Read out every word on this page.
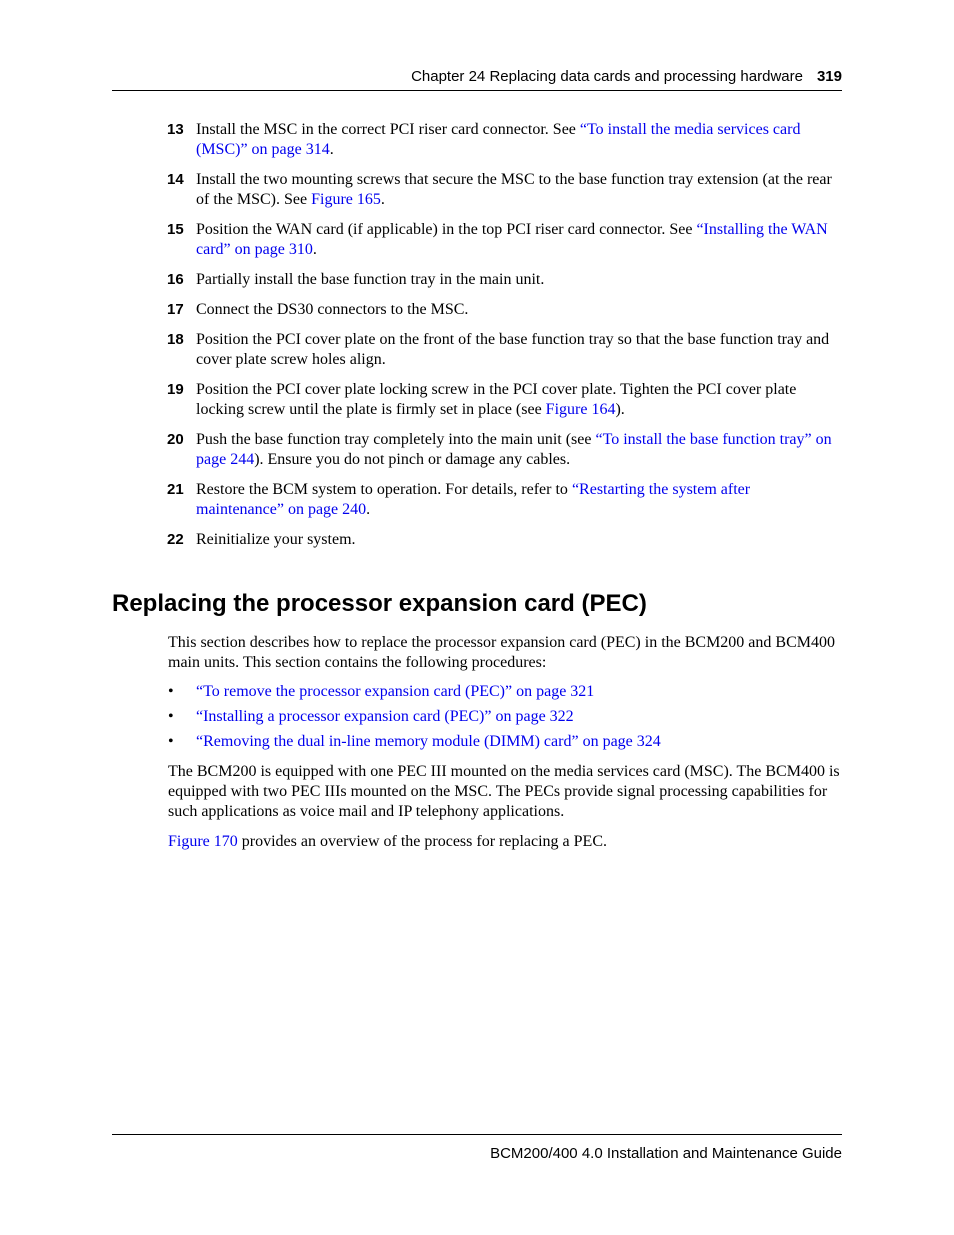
Chapter 24 Replacing data cards and processing hardware 319
13 Install the MSC in the correct PCI riser card connector. See “To install the media services card (MSC)” on page 314.
14 Install the two mounting screws that secure the MSC to the base function tray extension (at the rear of the MSC). See Figure 165.
15 Position the WAN card (if applicable) in the top PCI riser card connector. See “Installing the WAN card” on page 310.
16 Partially install the base function tray in the main unit.
17 Connect the DS30 connectors to the MSC.
18 Position the PCI cover plate on the front of the base function tray so that the base function tray and cover plate screw holes align.
19 Position the PCI cover plate locking screw in the PCI cover plate. Tighten the PCI cover plate locking screw until the plate is firmly set in place (see Figure 164).
20 Push the base function tray completely into the main unit (see “To install the base function tray” on page 244). Ensure you do not pinch or damage any cables.
21 Restore the BCM system to operation. For details, refer to “Restarting the system after maintenance” on page 240.
22 Reinitialize your system.
Replacing the processor expansion card (PEC)

This section describes how to replace the processor expansion card (PEC) in the BCM200 and BCM400 main units. This section contains the following procedures:

• “To remove the processor expansion card (PEC)” on page 321
• “Installing a processor expansion card (PEC)” on page 322
• “Removing the dual in-line memory module (DIMM) card” on page 324

The BCM200 is equipped with one PEC III mounted on the media services card (MSC). The BCM400 is equipped with two PEC IIIs mounted on the MSC. The PECs provide signal processing capabilities for such applications as voice mail and IP telephony applications.

Figure 170 provides an overview of the process for replacing a PEC.

BCM200/400 4.0 Installation and Maintenance Guide
